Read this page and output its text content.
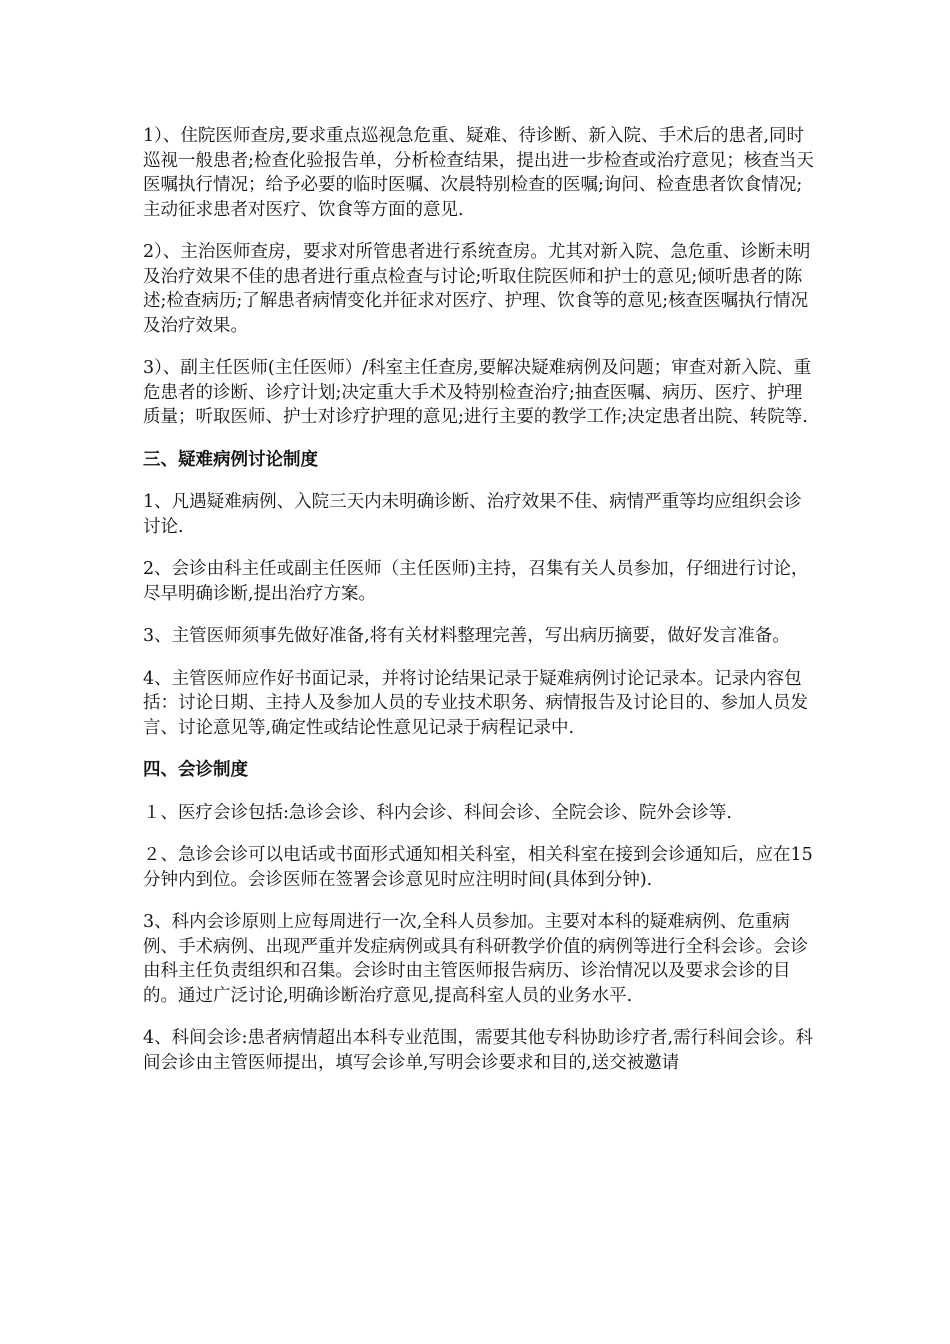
1）、住院医师查房,要求重点巡视急危重、疑难、待诊断、新入院、手术后的患者,同时巡视一般患者;检查化验报告单，分析检查结果，提出进一步检查或治疗意见；核查当天医嘱执行情况；给予必要的临时医嘱、次晨特别检查的医嘱;询问、检查患者饮食情况;主动征求患者对医疗、饮食等方面的意见.

2）、主治医师查房，要求对所管患者进行系统查房。尤其对新入院、急危重、诊断未明及治疗效果不佳的患者进行重点检查与讨论;听取住院医师和护士的意见;倾听患者的陈述;检查病历;了解患者病情变化并征求对医疗、护理、饮食等的意见;核查医嘱执行情况及治疗效果。

3）、副主任医师(主任医师）/科室主任查房,要解决疑难病例及问题；审查对新入院、重危患者的诊断、诊疗计划;决定重大手术及特别检查治疗;抽查医嘱、病历、医疗、护理质量；听取医师、护士对诊疗护理的意见;进行主要的教学工作;决定患者出院、转院等.

三、疑难病例讨论制度

1、凡遇疑难病例、入院三天内未明确诊断、治疗效果不佳、病情严重等均应组织会诊讨论.

2、会诊由科主任或副主任医师（主任医师)主持，召集有关人员参加，仔细进行讨论，尽早明确诊断,提出治疗方案。

3、主管医师须事先做好准备,将有关材料整理完善，写出病历摘要，做好发言准备。

4、主管医师应作好书面记录，并将讨论结果记录于疑难病例讨论记录本。记录内容包括：讨论日期、主持人及参加人员的专业技术职务、病情报告及讨论目的、参加人员发言、讨论意见等,确定性或结论性意见记录于病程记录中.

四、会诊制度

１、医疗会诊包括:急诊会诊、科内会诊、科间会诊、全院会诊、院外会诊等.

２、急诊会诊可以电话或书面形式通知相关科室，相关科室在接到会诊通知后，应在15分钟内到位。会诊医师在签署会诊意见时应注明时间(具体到分钟).

3、科内会诊原则上应每周进行一次,全科人员参加。主要对本科的疑难病例、危重病例、手术病例、出现严重并发症病例或具有科研教学价值的病例等进行全科会诊。会诊由科主任负责组织和召集。会诊时由主管医师报告病历、诊治情况以及要求会诊的目的。通过广泛讨论,明确诊断治疗意见,提高科室人员的业务水平.

4、科间会诊:患者病情超出本科专业范围，需要其他专科协助诊疗者,需行科间会诊。科间会诊由主管医师提出，填写会诊单,写明会诊要求和目的,送交被邀请
